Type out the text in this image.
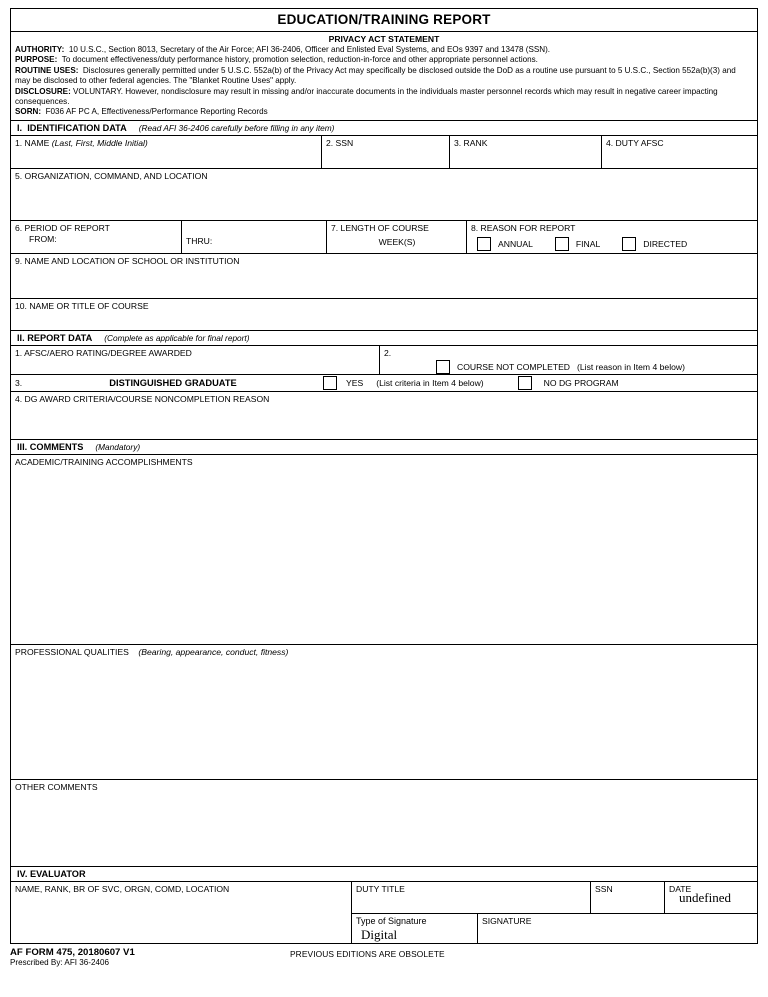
EDUCATION/TRAINING REPORT
PRIVACY ACT STATEMENT

AUTHORITY: 10 U.S.C., Section 8013, Secretary of the Air Force; AFI 36-2406, Officer and Enlisted Eval Systems, and EOs 9397 and 13478 (SSN).

PURPOSE: To document effectiveness/duty performance history, promotion selection, reduction-in-force and other appropriate personnel actions.

ROUTINE USES: Disclosures generally permitted under 5 U.S.C. 552a(b) of the Privacy Act may specifically be disclosed outside the DoD as a routine use pursuant to 5 U.S.C., Section 552a(b)(3) and may be disclosed to other federal agencies. The "Blanket Routine Uses" apply.

DISCLOSURE: VOLUNTARY. However, nondisclosure may result in missing and/or inaccurate documents in the individuals master personnel records which may result in negative career impacting consequences.

SORN: F036 AF PC A, Effectiveness/Performance Reporting Records

I. IDENTIFICATION DATA (Read AFI 36-2406 carefully before filling in any item)
1. NAME (Last, First, Middle Initial)	2. SSN	3. RANK	4. DUTY AFSC
5. ORGANIZATION, COMMAND, AND LOCATION
6. PERIOD OF REPORT
FROM:	THRU:
7. LENGTH OF COURSE
WEEK(S)
8. REASON FOR REPORT
ANNUAL	FINAL	DIRECTED
9. NAME AND LOCATION OF SCHOOL OR INSTITUTION
10. NAME OR TITLE OF COURSE
II. REPORT DATA (Complete as applicable for final report)
1. AFSC/AERO RATING/DEGREE AWARDED	2.
COURSE NOT COMPLETED (List reason in Item 4 below)
3.	DISTINGUISHED GRADUATE	YES (List criteria in Item 4 below)	NO DG PROGRAM
4. DG AWARD CRITERIA/COURSE NONCOMPLETION REASON
III. COMMENTS (Mandatory)
ACADEMIC/TRAINING ACCOMPLISHMENTS
PROFESSIONAL QUALITIES (Bearing, appearance, conduct, fitness)
OTHER COMMENTS
IV. EVALUATOR
NAME, RANK, BR OF SVC, ORGN, COMD, LOCATION	DUTY TITLE	SSN	DATE
undefined
Type of Signature
Digital
SIGNATURE
AF FORM 475, 20180607 V1
Prescribed By: AFI 36-2406
PREVIOUS EDITIONS ARE OBSOLETE
